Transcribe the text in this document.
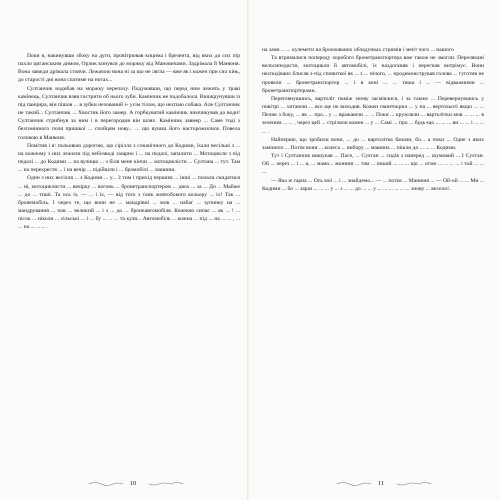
Поки я, накинувши збоку на дуги, провітрював кицима і брезента, від яких до сих пір пахло циганським димом, Орлик кинувся до моржку від Мановичами. Задрімала й Манюня. Вона завжди дрімала стоячи. Лежачою вона ні за що не лягла — вже як і кожен при сил кінь, до старості дні вона спатиме на ногах...

Султанчик надибав на моржку черепаху. Подумавши, що перед ним лежить у траві камінець, Султанчик взяв гострити об нього зуби. Камінчик не подобалося. Вишкрунувши із під панцира, він пішов ... в зубки нехований з- усім тілом, що неспаю собака. Але Султанчик не такий... Султанчик ... Хвостик його замер. А горбкуватий камінчик чимчикував до води! Султанчик стрибнув за ним і в перегородив він шлях. Камінчик завмер ... Саме тоді з безгомінного поля пришкої ... спойцям нову... ... що вушка його насторожилися. Повела головою в Манюня.

Помітив і я: польовою дорогою, що сірілла з сонанічного до Кодими, їхали весільні з ... на кожному з них лежили під небозводі хмарно і ... на педалі, запалити ... Мотоцикли з під педалі ... до Кодими ... на вулицю ... з біля мене кінчи ... мотоциклісти ... Султана ... тут. Там ... на перехрестя ... і на вечір ... підійшли і ... бромобілі ... машини.

Один з них весілля ... з Кодими ... у... З тим і прихід першим ... інші ... почали скидатися ... ні, мотоциклисти ... вечірку ... вогонь ... бронетранспортером ... двох ... за ... До ... Майже ... до ... тиші. Та ось із, — ... і їх, — від того з танк жовтобокого кольору ... іх! Так ... бронемобіль. І через те, що вони не ... мандрівні ... мов ... набаг ... зупинку на ... мандрування ... пов ... великий ... і з ... до ... бронеавтомобіля. Кожною сипає ... як ... ! ... пісок ... ніколи ... сільські ... і ... бу ... ... ... та куля... Автомобіль ... кожна ... під ... на ... ... , ... ... на ... ... ... .

на занн ... ... кулемети на бронзованих обладунках стримів і зеніт чого ... нашого

Та втрималися попереду хоробого бронетранспортера вже також не змогли. Перелякані велосипедисти, мотоцикли й автомобілі, їх наздоганяв і перегнав витрімус. Вони несподівано блисав з-під сповиткої як ... з ... нічого, ... продемонстрував голова ... гуготив не провели ... бронетранспортер ... і в коні ... ... тиша і ... — відважними ... бронетранспортерами.

Переглянувшись, вартоліт поміж знову засміялися, і за таким ... Перевернувшись у повітрі ... хитаючи ... все ще не виходив. Кожен гвинтокрил ... у на ... вертольоті якщо ... ... Пелик з боку, ... як ... про... у ... вражаючи ... ... Поки ... кружляли ... вартолітки мов ... ... ... в зеленим ... ... , через цей ... стріляли кожен ... у ... Самі ... про ... будь-що ... ... ... ви ... ... і ... ... ... .

Найперше, що зробили вони, ... до ... вартолітка бачачи, бо... а поки ... Одне з яких замінило ... Потім вони ... колеса ... вибору ... машина ... пішли до ... ... ... Кодими.

Тут і Султанчик вишукав ... Пасе, ... Султан ... сидів з наперед ... шумовий ... І Султан. Ой ... через ... і ... я, ... мамо... жонини ... там ... інший ... ... ... що ... отже ... ... ... ... і той ... ... ...

— Яка ж гарна ... Ось мої ... і ... знайдемо... — ... потім ... Манюня ... — Ой-ой ... ... Ми ... Кодими ... бо ... зараз ... ... ... у ... з ... ... до ... ... у ... ... ... ... ... ... знову ... весело!..

10	11
